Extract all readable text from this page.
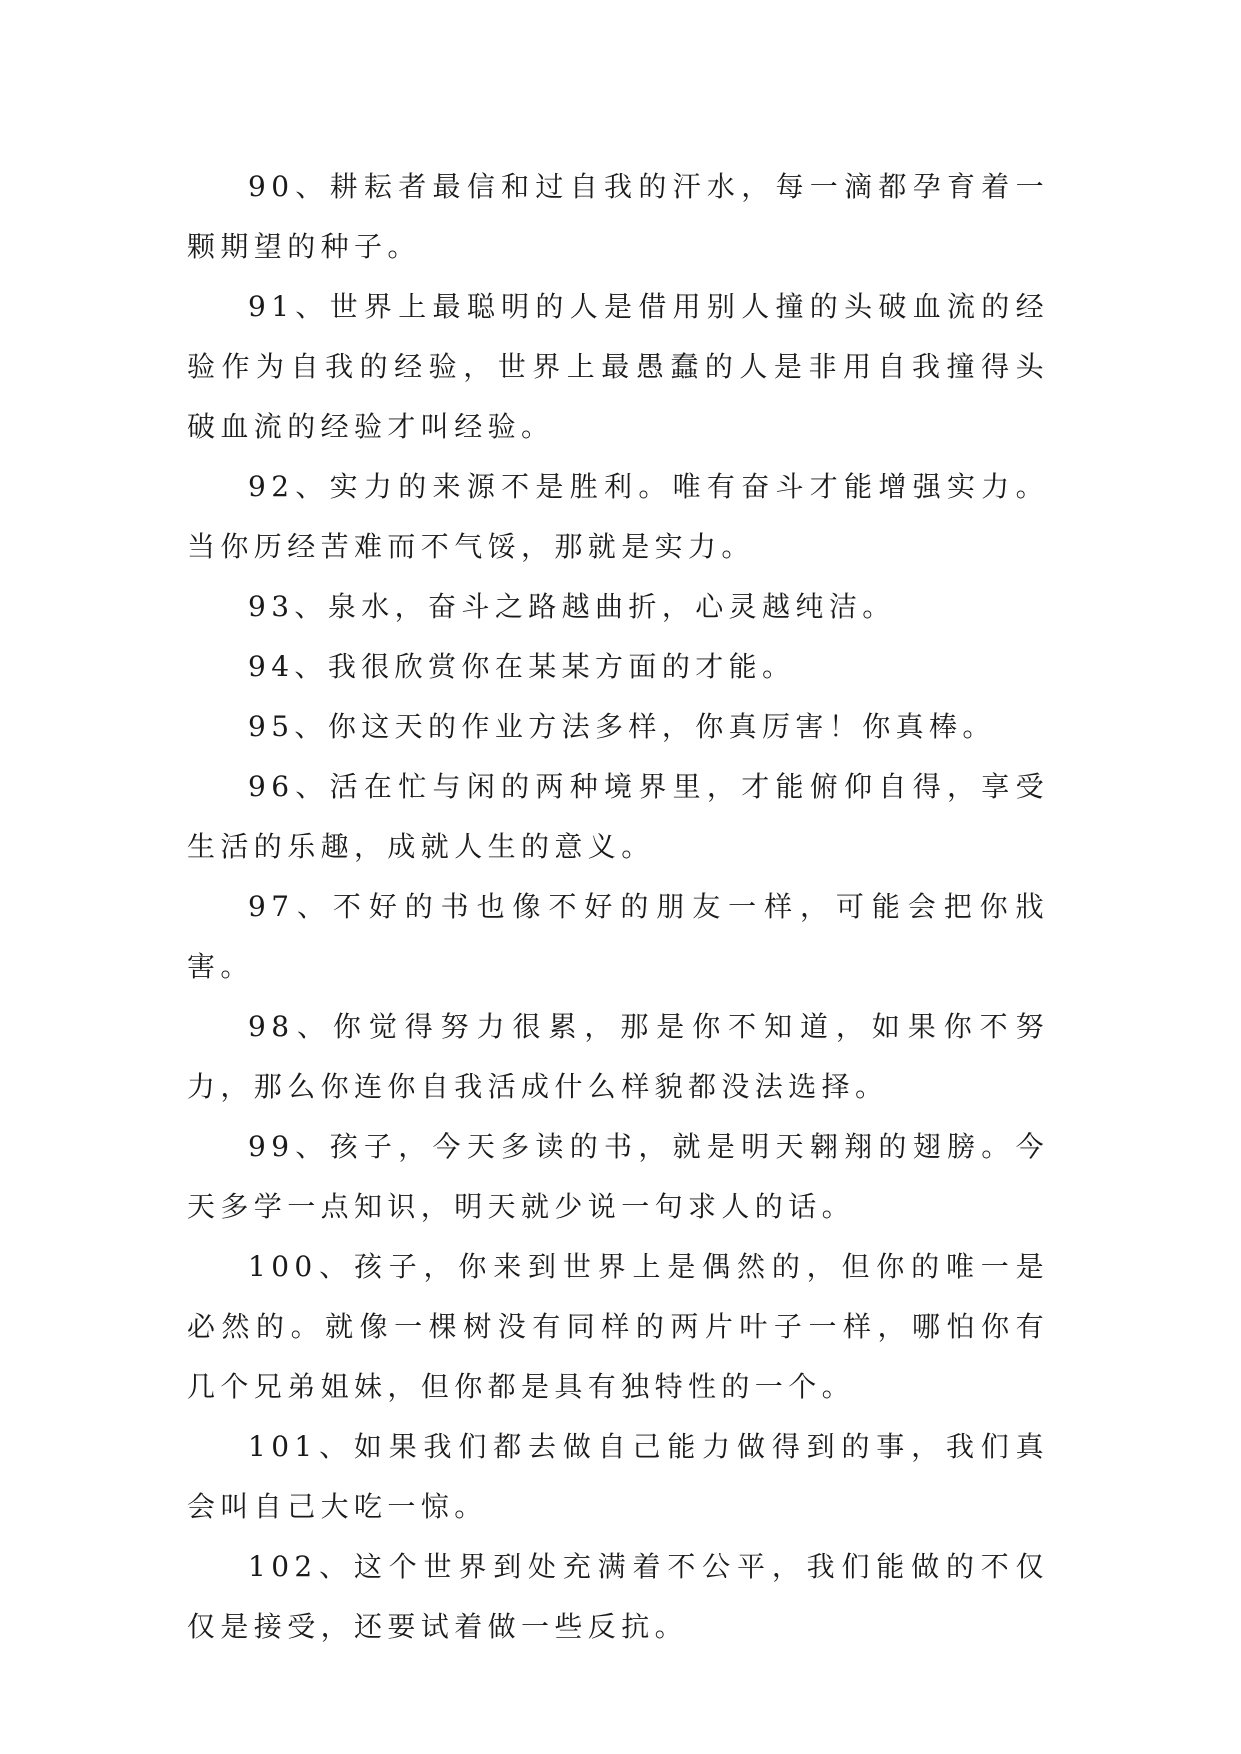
90、耕耘者最信和过自我的汗水，每一滴都孕育着一颗期望的种子。

91、世界上最聪明的人是借用别人撞的头破血流的经验作为自我的经验，世界上最愚蠢的人是非用自我撞得头破血流的经验才叫经验。

92、实力的来源不是胜利。唯有奋斗才能增强实力。当你历经苦难而不气馁，那就是实力。

93、泉水，奋斗之路越曲折，心灵越纯洁。

94、我很欣赏你在某某方面的才能。

95、你这天的作业方法多样，你真厉害！你真棒。

96、活在忙与闲的两种境界里，才能俯仰自得，享受生活的乐趣，成就人生的意义。

97、不好的书也像不好的朋友一样，可能会把你戕害。

98、你觉得努力很累，那是你不知道，如果你不努力，那么你连你自我活成什么样貌都没法选择。

99、孩子，今天多读的书，就是明天翱翔的翅膀。今天多学一点知识，明天就少说一句求人的话。

100、孩子，你来到世界上是偶然的，但你的唯一是必然的。就像一棵树没有同样的两片叶子一样，哪怕你有几个兄弟姐妹，但你都是具有独特性的一个。

101、如果我们都去做自己能力做得到的事，我们真会叫自己大吃一惊。

102、这个世界到处充满着不公平，我们能做的不仅仅是接受，还要试着做一些反抗。
